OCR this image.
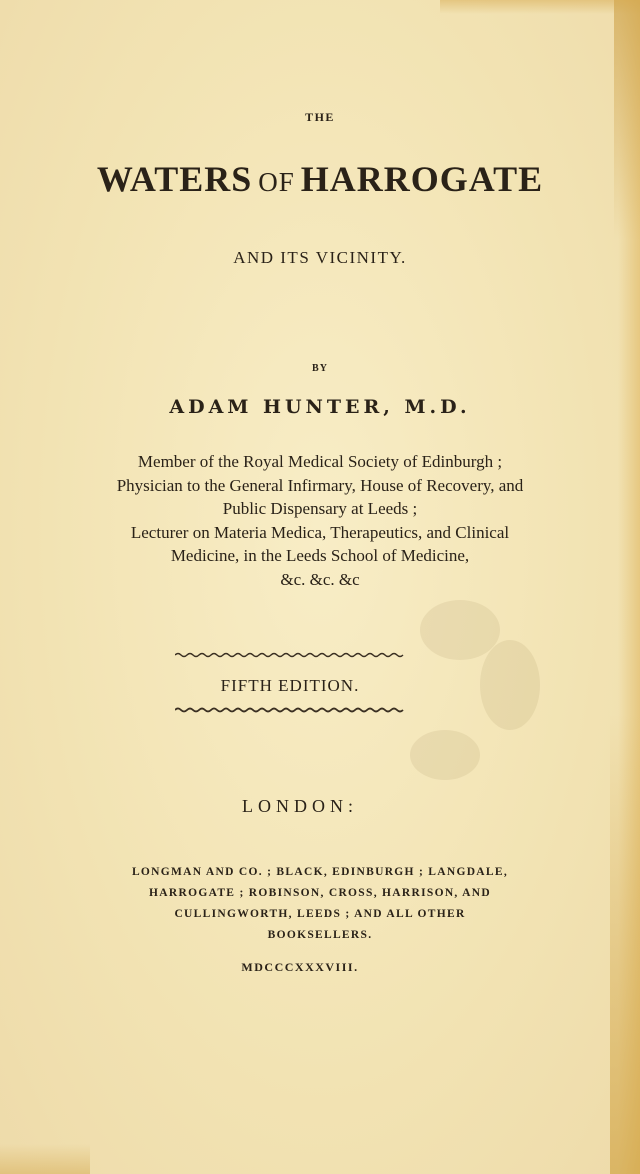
THE
WATERS OF HARROGATE
AND ITS VICINITY.
BY
ADAM HUNTER, M.D.
Member of the Royal Medical Society of Edinburgh ;
Physician to the General Infirmary, House of Recovery, and
Public Dispensary at Leeds ;
Lecturer on Materia Medica, Therapeutics, and Clinical
Medicine, in the Leeds School of Medicine,
&c. &c. &c
FIFTH EDITION.
LONDON:
LONGMAN AND CO. ; BLACK, EDINBURGH ; LANGDALE,
HARROGATE ; ROBINSON, CROSS, HARRISON, AND
CULLINGWORTH, LEEDS ; AND ALL OTHER
BOOKSELLERS.
MDCCCXXXVIII.
